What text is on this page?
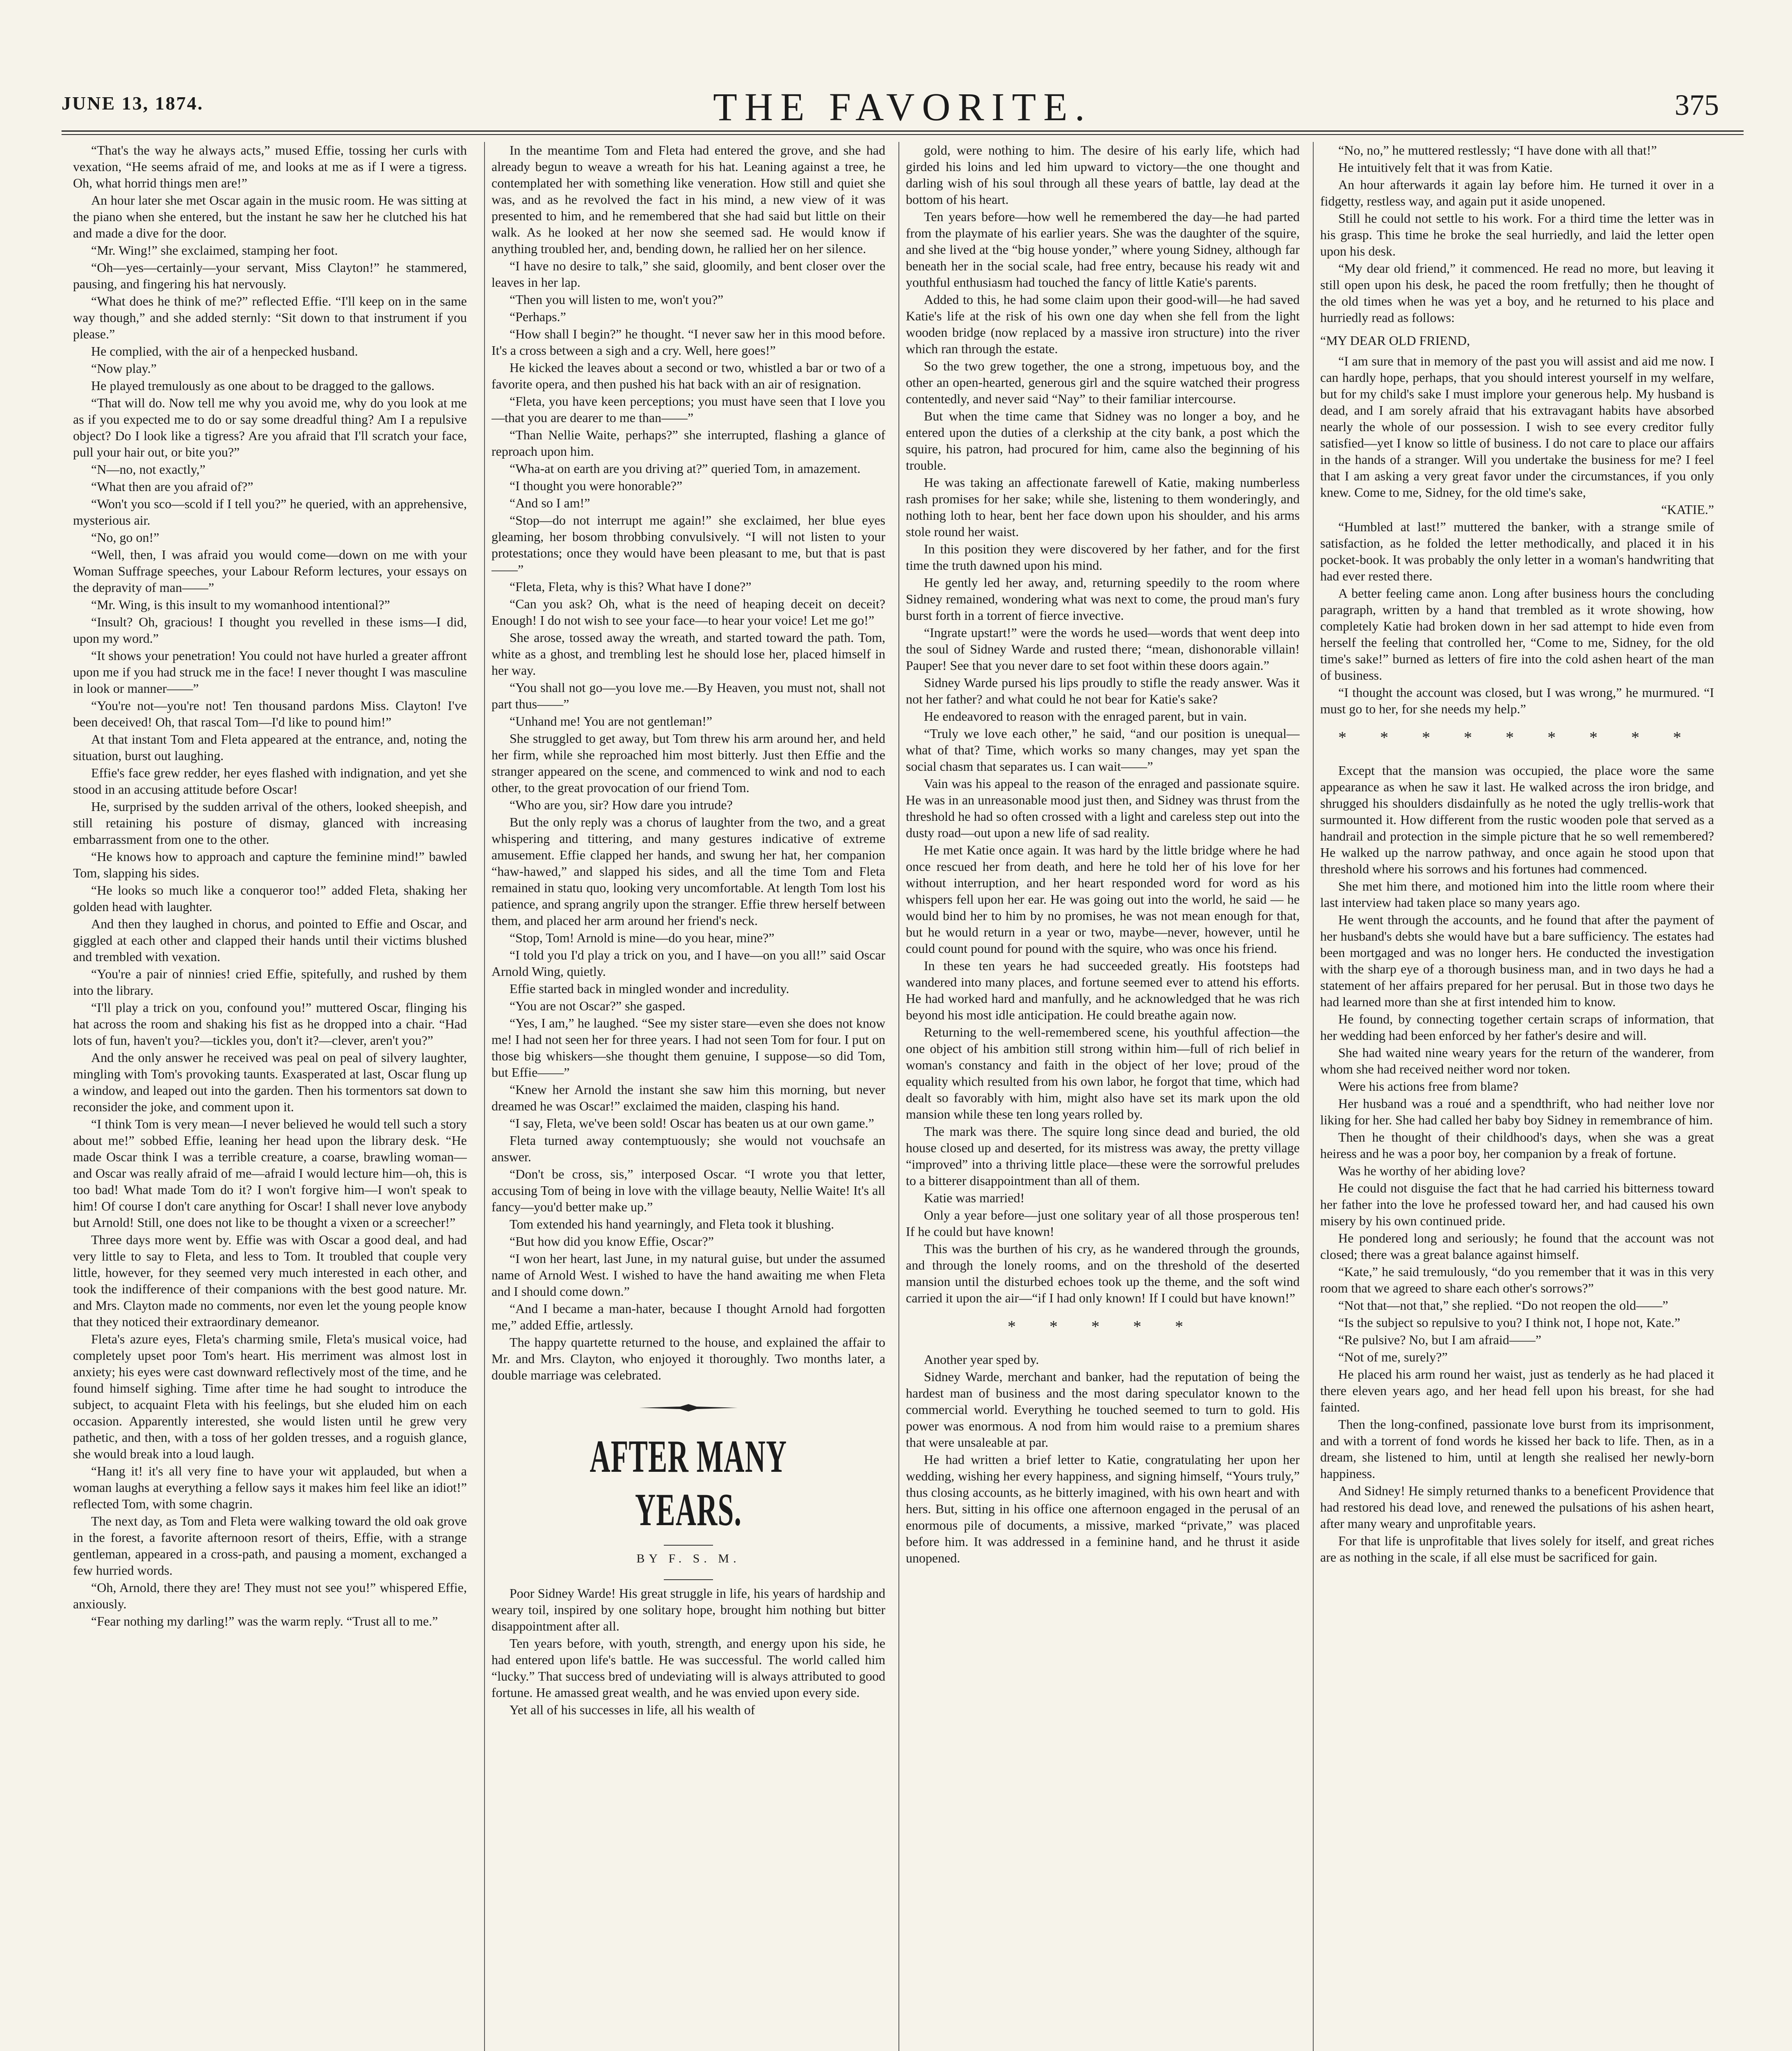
JUNE 13, 1874.	THE FAVORITE.	375

“That's the way he always acts,” mused Effie, tossing her curls with vexation, “He seems afraid of me, and looks at me as if I were a tigress. Oh, what horrid things men are!”

An hour later she met Oscar again in the music room. He was sitting at the piano when she entered, but the instant he saw her he clutched his hat and made a dive for the door.

“Mr. Wing!” she exclaimed, stamping her foot.

“Oh—yes—certainly—your servant, Miss Clayton!” he stammered, pausing, and fingering his hat nervously.

“What does he think of me?” reflected Effie. “I'll keep on in the same way though,” and she added sternly: “Sit down to that instrument if you please.”

He complied, with the air of a henpecked husband.

“Now play.”

He played tremulously as one about to be dragged to the gallows.

“That will do. Now tell me why you avoid me, why do you look at me as if you expected me to do or say some dreadful thing? Am I a repulsive object? Do I look like a tigress? Are you afraid that I'll scratch your face, pull your hair out, or bite you?”

“N—no, not exactly,”

“What then are you afraid of?”

“Won't you sco—scold if I tell you?” he queried, with an apprehensive, mysterious air.

“No, go on!”

“Well, then, I was afraid you would come—down on me with your Woman Suffrage speeches, your Labour Reform lectures, your essays on the depravity of man——”

“Mr. Wing, is this insult to my womanhood intentional?”

“Insult? Oh, gracious! I thought you revelled in these isms—I did, upon my word.”

“It shows your penetration! You could not have hurled a greater affront upon me if you had struck me in the face! I never thought I was masculine in look or manner——”

“You're not—you're not! Ten thousand pardons Miss. Clayton! I've been deceived! Oh, that rascal Tom—I'd like to pound him!”

At that instant Tom and Fleta appeared at the entrance, and, noting the situation, burst out laughing.

Effie's face grew redder, her eyes flashed with indignation, and yet she stood in an accusing attitude before Oscar!

He, surprised by the sudden arrival of the others, looked sheepish, and still retaining his posture of dismay, glanced with increasing embarrassment from one to the other.

“He knows how to approach and capture the feminine mind!” bawled Tom, slapping his sides.

“He looks so much like a conqueror too!” added Fleta, shaking her golden head with laughter.

And then they laughed in chorus, and pointed to Effie and Oscar, and giggled at each other and clapped their hands until their victims blushed and trembled with vexation.

“You're a pair of ninnies! cried Effie, spitefully, and rushed by them into the library.

“I'll play a trick on you, confound you!” muttered Oscar, flinging his hat across the room and shaking his fist as he dropped into a chair. “Had lots of fun, haven't you?—tickles you, don't it?—clever, aren't you?”

And the only answer he received was peal on peal of silvery laughter, mingling with Tom's provoking taunts. Exasperated at last, Oscar flung up a window, and leaped out into the garden. Then his tormentors sat down to reconsider the joke, and comment upon it.

“I think Tom is very mean—I never believed he would tell such a story about me!” sobbed Effie, leaning her head upon the library desk. “He made Oscar think I was a terrible creature, a coarse, brawling woman—and Oscar was really afraid of me—afraid I would lecture him—oh, this is too bad! What made Tom do it? I won't forgive him—I won't speak to him! Of course I don't care anything for Oscar! I shall never love anybody but Arnold! Still, one does not like to be thought a vixen or a screecher!”

Three days more went by. Effie was with Oscar a good deal, and had very little to say to Fleta, and less to Tom. It troubled that couple very little, however, for they seemed very much interested in each other, and took the indifference of their companions with the best good nature. Mr. and Mrs. Clayton made no comments, nor even let the young people know that they noticed their extraordinary demeanor.

Fleta's azure eyes, Fleta's charming smile, Fleta's musical voice, had completely upset poor Tom's heart. His merriment was almost lost in anxiety; his eyes were cast downward reflectively most of the time, and he found himself sighing. Time after time he had sought to introduce the subject, to acquaint Fleta with his feelings, but she eluded him on each occasion. Apparently interested, she would listen until he grew very pathetic, and then, with a toss of her golden tresses, and a roguish glance, she would break into a loud laugh.

“Hang it! it's all very fine to have your wit applauded, but when a woman laughs at everything a fellow says it makes him feel like an idiot!” reflected Tom, with some chagrin.

The next day, as Tom and Fleta were walking toward the old oak grove in the forest, a favorite afternoon resort of theirs, Effie, with a strange gentleman, appeared in a cross-path, and pausing a moment, exchanged a few hurried words.

“Oh, Arnold, there they are! They must not see you!” whispered Effie, anxiously.

“Fear nothing my darling!” was the warm reply. “Trust all to me.”

In the meantime Tom and Fleta had entered the grove, and she had already begun to weave a wreath for his hat. Leaning against a tree, he contemplated her with something like veneration. How still and quiet she was, and as he revolved the fact in his mind, a new view of it was presented to him, and he remembered that she had said but little on their walk. As he looked at her now she seemed sad. He would know if anything troubled her, and, bending down, he rallied her on her silence.

“I have no desire to talk,” she said, gloomily, and bent closer over the leaves in her lap.

“Then you will listen to me, won't you?”

“Perhaps.”

“How shall I begin?” he thought. “I never saw her in this mood before. It's a cross between a sigh and a cry. Well, here goes!”

He kicked the leaves about a second or two, whistled a bar or two of a favorite opera, and then pushed his hat back with an air of resignation.

“Fleta, you have keen perceptions; you must have seen that I love you—that you are dearer to me than——”

“Than Nellie Waite, perhaps?” she interrupted, flashing a glance of reproach upon him.

“Wha-at on earth are you driving at?” queried Tom, in amazement.

“I thought you were honorable?”

“And so I am!”

“Stop—do not interrupt me again!” she exclaimed, her blue eyes gleaming, her bosom throbbing convulsively. “I will not listen to your protestations; once they would have been pleasant to me, but that is past——”

“Fleta, Fleta, why is this? What have I done?”

“Can you ask? Oh, what is the need of heaping deceit on deceit? Enough! I do not wish to see your face—to hear your voice! Let me go!”

She arose, tossed away the wreath, and started toward the path. Tom, white as a ghost, and trembling lest he should lose her, placed himself in her way.

“You shall not go—you love me.—By Heaven, you must not, shall not part thus——”

“Unhand me! You are not gentleman!”

She struggled to get away, but Tom threw his arm around her, and held her firm, while she reproached him most bitterly. Just then Effie and the stranger appeared on the scene, and commenced to wink and nod to each other, to the great provocation of our friend Tom.

“Who are you, sir? How dare you intrude?

But the only reply was a chorus of laughter from the two, and a great whispering and tittering, and many gestures indicative of extreme amusement. Effie clapped her hands, and swung her hat, her companion “haw-hawed,” and slapped his sides, and all the time Tom and Fleta remained in statu quo, looking very uncomfortable. At length Tom lost his patience, and sprang angrily upon the stranger. Effie threw herself between them, and placed her arm around her friend's neck.

“Stop, Tom! Arnold is mine—do you hear, mine?”

“I told you I'd play a trick on you, and I have—on you all!” said Oscar Arnold Wing, quietly.

Effie started back in mingled wonder and incredulity.

“You are not Oscar?” she gasped.

“Yes, I am,” he laughed. “See my sister stare—even she does not know me! I had not seen her for three years. I had not seen Tom for four. I put on those big whiskers—she thought them genuine, I suppose—so did Tom, but Effie——”

“Knew her Arnold the instant she saw him this morning, but never dreamed he was Oscar!” exclaimed the maiden, clasping his hand.

“I say, Fleta, we've been sold! Oscar has beaten us at our own game.”

Fleta turned away contemptuously; she would not vouchsafe an answer.

“Don't be cross, sis,” interposed Oscar. “I wrote you that letter, accusing Tom of being in love with the village beauty, Nellie Waite! It's all fancy—you'd better make up.”

Tom extended his hand yearningly, and Fleta took it blushing.

“But how did you know Effie, Oscar?”

“I won her heart, last June, in my natural guise, but under the assumed name of Arnold West. I wished to have the hand awaiting me when Fleta and I should come down.”

“And I became a man-hater, because I thought Arnold had forgotten me,” added Effie, artlessly.

The happy quartette returned to the house, and explained the affair to Mr. and Mrs. Clayton, who enjoyed it thoroughly. Two months later, a double marriage was celebrated.

AFTER MANY YEARS.
BY F. S. M.

Poor Sidney Warde! His great struggle in life, his years of hardship and weary toil, inspired by one solitary hope, brought him nothing but bitter disappointment after all.

Ten years before, with youth, strength, and energy upon his side, he had entered upon life's battle. He was successful. The world called him “lucky.” That success bred of undeviating will is always attributed to good fortune. He amassed great wealth, and he was envied upon every side.

Yet all of his successes in life, all his wealth of

gold, were nothing to him. The desire of his early life, which had girded his loins and led him upward to victory—the one thought and darling wish of his soul through all these years of battle, lay dead at the bottom of his heart.

Ten years before—how well he remembered the day—he had parted from the playmate of his earlier years. She was the daughter of the squire, and she lived at the “big house yonder,” where young Sidney, although far beneath her in the social scale, had free entry, because his ready wit and youthful enthusiasm had touched the fancy of little Katie's parents.

Added to this, he had some claim upon their good-will—he had saved Katie's life at the risk of his own one day when she fell from the light wooden bridge (now replaced by a massive iron structure) into the river which ran through the estate.

So the two grew together, the one a strong, impetuous boy, and the other an open-hearted, generous girl and the squire watched their progress contentedly, and never said “Nay” to their familiar intercourse.

But when the time came that Sidney was no longer a boy, and he entered upon the duties of a clerkship at the city bank, a post which the squire, his patron, had procured for him, came also the beginning of his trouble.

He was taking an affectionate farewell of Katie, making numberless rash promises for her sake; while she, listening to them wonderingly, and nothing loth to hear, bent her face down upon his shoulder, and his arms stole round her waist.

In this position they were discovered by her father, and for the first time the truth dawned upon his mind.

He gently led her away, and, returning speedily to the room where Sidney remained, wondering what was next to come, the proud man's fury burst forth in a torrent of fierce invective.

“Ingrate upstart!” were the words he used—words that went deep into the soul of Sidney Warde and rusted there; “mean, dishonorable villain! Pauper! See that you never dare to set foot within these doors again.”

Sidney Warde pursed his lips proudly to stifle the ready answer. Was it not her father? and what could he not bear for Katie's sake?

He endeavored to reason with the enraged parent, but in vain.

“Truly we love each other,” he said, “and our position is unequal—what of that? Time, which works so many changes, may yet span the social chasm that separates us. I can wait——”

Vain was his appeal to the reason of the enraged and passionate squire. He was in an unreasonable mood just then, and Sidney was thrust from the threshold he had so often crossed with a light and careless step out into the dusty road—out upon a new life of sad reality.

He met Katie once again. It was hard by the little bridge where he had once rescued her from death, and here he told her of his love for her without interruption, and her heart responded word for word as his whispers fell upon her ear. He was going out into the world, he said — he would bind her to him by no promises, he was not mean enough for that, but he would return in a year or two, maybe—never, however, until he could count pound for pound with the squire, who was once his friend.

In these ten years he had succeeded greatly. His footsteps had wandered into many places, and fortune seemed ever to attend his efforts. He had worked hard and manfully, and he acknowledged that he was rich beyond his most idle anticipation. He could breathe again now.

Returning to the well-remembered scene, his youthful affection—the one object of his ambition still strong within him—full of rich belief in woman's constancy and faith in the object of her love; proud of the equality which resulted from his own labor, he forgot that time, which had dealt so favorably with him, might also have set its mark upon the old mansion while these ten long years rolled by.

The mark was there. The squire long since dead and buried, the old house closed up and deserted, for its mistress was away, the pretty village “improved” into a thriving little place—these were the sorrowful preludes to a bitterer disappointment than all of them.

Katie was married!

Only a year before—just one solitary year of all those prosperous ten! If he could but have known!

This was the burthen of his cry, as he wandered through the grounds, and through the lonely rooms, and on the threshold of the deserted mansion until the disturbed echoes took up the theme, and the soft wind carried it upon the air—“if I had only known! If I could but have known!”

* * * * *

Another year sped by.

Sidney Warde, merchant and banker, had the reputation of being the hardest man of business and the most daring speculator known to the commercial world. Everything he touched seemed to turn to gold. His power was enormous. A nod from him would raise to a premium shares that were unsaleable at par.

He had written a brief letter to Katie, congratulating her upon her wedding, wishing her every happiness, and signing himself, “Yours truly,” thus closing accounts, as he bitterly imagined, with his own heart and with hers. But, sitting in his office one afternoon engaged in the perusal of an enormous pile of documents, a missive, marked “private,” was placed before him. It was addressed in a feminine hand, and he thrust it aside unopened.

“No, no,” he muttered restlessly; “I have done with all that!”

He intuitively felt that it was from Katie.

An hour afterwards it again lay before him. He turned it over in a fidgetty, restless way, and again put it aside unopened.

Still he could not settle to his work. For a third time the letter was in his grasp. This time he broke the seal hurriedly, and laid the letter open upon his desk.

“My dear old friend,” it commenced. He read no more, but leaving it still open upon his desk, he paced the room fretfully; then he thought of the old times when he was yet a boy, and he returned to his place and hurriedly read as follows:

“MY DEAR OLD FRIEND,

“I am sure that in memory of the past you will assist and aid me now. I can hardly hope, perhaps, that you should interest yourself in my welfare, but for my child's sake I must implore your generous help. My husband is dead, and I am sorely afraid that his extravagant habits have absorbed nearly the whole of our possession. I wish to see every creditor fully satisfied—yet I know so little of business. I do not care to place our affairs in the hands of a stranger. Will you undertake the business for me? I feel that I am asking a very great favor under the circumstances, if you only knew. Come to me, Sidney, for the old time's sake,

“KATIE.”

“Humbled at last!” muttered the banker, with a strange smile of satisfaction, as he folded the letter methodically, and placed it in his pocket-book. It was probably the only letter in a woman's handwriting that had ever rested there.

A better feeling came anon. Long after business hours the concluding paragraph, written by a hand that trembled as it wrote showing, how completely Katie had broken down in her sad attempt to hide even from herself the feeling that controlled her, “Come to me, Sidney, for the old time's sake!” burned as letters of fire into the cold ashen heart of the man of business.

“I thought the account was closed, but I was wrong,” he murmured. “I must go to her, for she needs my help.”

* * * * * * * * *

Except that the mansion was occupied, the place wore the same appearance as when he saw it last. He walked across the iron bridge, and shrugged his shoulders disdainfully as he noted the ugly trellis-work that surmounted it. How different from the rustic wooden pole that served as a handrail and protection in the simple picture that he so well remembered? He walked up the narrow pathway, and once again he stood upon that threshold where his sorrows and his fortunes had commenced.

She met him there, and motioned him into the little room where their last interview had taken place so many years ago.

He went through the accounts, and he found that after the payment of her husband's debts she would have but a bare sufficiency. The estates had been mortgaged and was no longer hers. He conducted the investigation with the sharp eye of a thorough business man, and in two days he had a statement of her affairs prepared for her perusal. But in those two days he had learned more than she at first intended him to know.

He found, by connecting together certain scraps of information, that her wedding had been enforced by her father's desire and will.

She had waited nine weary years for the return of the wanderer, from whom she had received neither word nor token.

Were his actions free from blame?

Her husband was a roué and a spendthrift, who had neither love nor liking for her. She had called her baby boy Sidney in remembrance of him.

Then he thought of their childhood's days, when she was a great heiress and he was a poor boy, her companion by a freak of fortune.

Was he worthy of her abiding love?

He could not disguise the fact that he had carried his bitterness toward her father into the love he professed toward her, and had caused his own misery by his own continued pride.

He pondered long and seriously; he found that the account was not closed; there was a great balance against himself.

“Kate,” he said tremulously, “do you remember that it was in this very room that we agreed to share each other's sorrows?”

“Not that—not that,” she replied. “Do not reopen the old——”

“Is the subject so repulsive to you? I think not, I hope not, Kate.”

“Re pulsive? No, but I am afraid——”

“Not of me, surely?”

He placed his arm round her waist, just as tenderly as he had placed it there eleven years ago, and her head fell upon his breast, for she had fainted.

Then the long-confined, passionate love burst from its imprisonment, and with a torrent of fond words he kissed her back to life. Then, as in a dream, she listened to him, until at length she realised her newly-born happiness.

And Sidney! He simply returned thanks to a beneficent Providence that had restored his dead love, and renewed the pulsations of his ashen heart, after many weary and unprofitable years.

For that life is unprofitable that lives solely for itself, and great riches are as nothing in the scale, if all else must be sacrificed for gain.
